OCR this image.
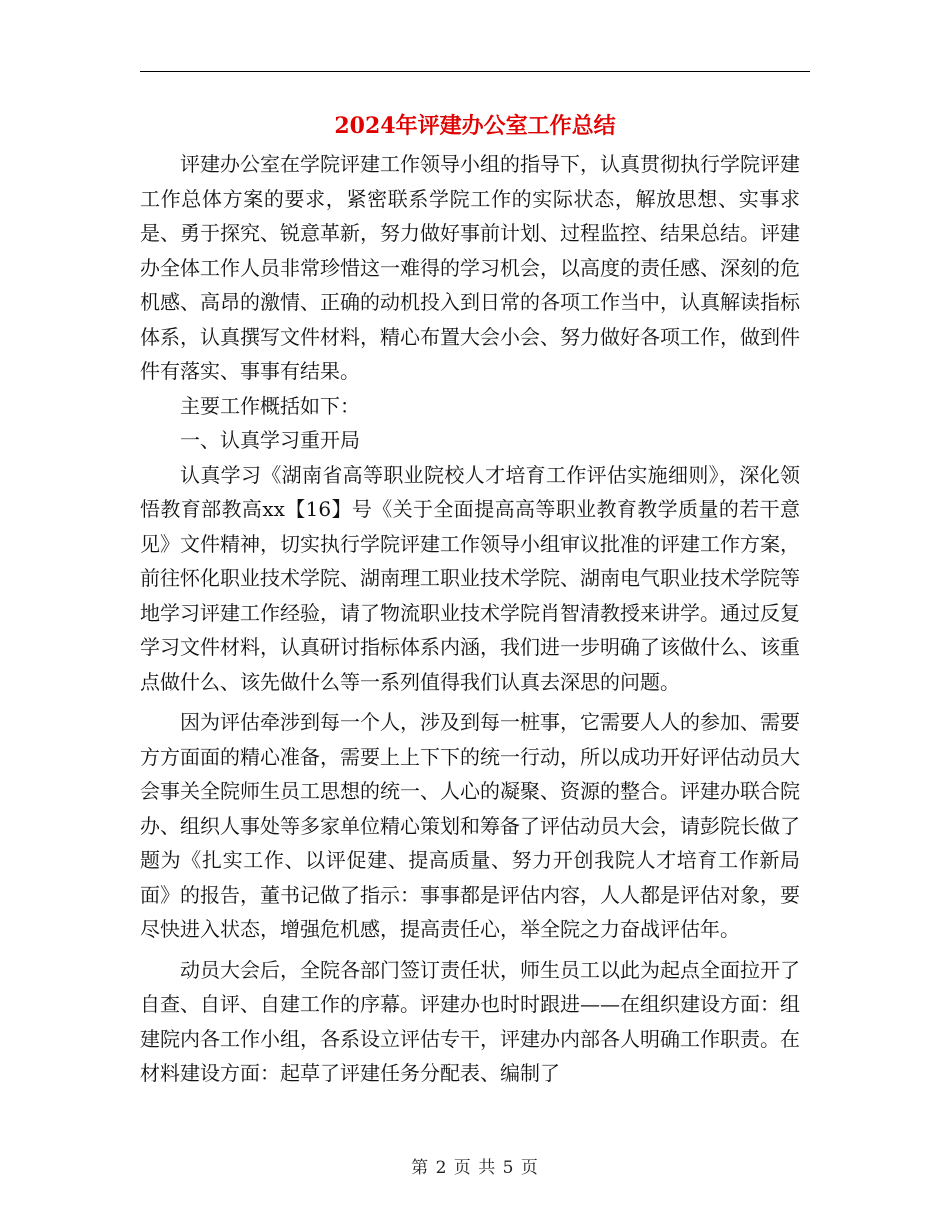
2024年评建办公室工作总结

评建办公室在学院评建工作领导小组的指导下，认真贯彻执行学院评建工作总体方案的要求，紧密联系学院工作的实际状态，解放思想、实事求是、勇于探究、锐意革新，努力做好事前计划、过程监控、结果总结。评建办全体工作人员非常珍惜这一难得的学习机会，以高度的责任感、深刻的危机感、高昂的激情、正确的动机投入到日常的各项工作当中，认真解读指标体系，认真撰写文件材料，精心布置大会小会、努力做好各项工作，做到件件有落实、事事有结果。

主要工作概括如下：

一、认真学习重开局

认真学习《湖南省高等职业院校人才培育工作评估实施细则》，深化领悟教育部教高xx【16】号《关于全面提高高等职业教育教学质量的若干意见》文件精神，切实执行学院评建工作领导小组审议批准的评建工作方案，前往怀化职业技术学院、湖南理工职业技术学院、湖南电气职业技术学院等地学习评建工作经验，请了物流职业技术学院肖智清教授来讲学。通过反复学习文件材料，认真研讨指标体系内涵，我们进一步明确了该做什么、该重点做什么、该先做什么等一系列值得我们认真去深思的问题。

因为评估牵涉到每一个人，涉及到每一桩事，它需要人人的参加、需要方方面面的精心准备，需要上上下下的统一行动，所以成功开好评估动员大会事关全院师生员工思想的统一、人心的凝聚、资源的整合。评建办联合院办、组织人事处等多家单位精心策划和筹备了评估动员大会，请彭院长做了题为《扎实工作、以评促建、提高质量、努力开创我院人才培育工作新局面》的报告，董书记做了指示：事事都是评估内容，人人都是评估对象，要尽快进入状态，增强危机感，提高责任心，举全院之力奋战评估年。

动员大会后，全院各部门签订责任状，师生员工以此为起点全面拉开了自查、自评、自建工作的序幕。评建办也时时跟进——在组织建设方面：组建院内各工作小组，各系设立评估专干，评建办内部各人明确工作职责。在材料建设方面：起草了评建任务分配表、编制了

第 2 页 共 5 页
